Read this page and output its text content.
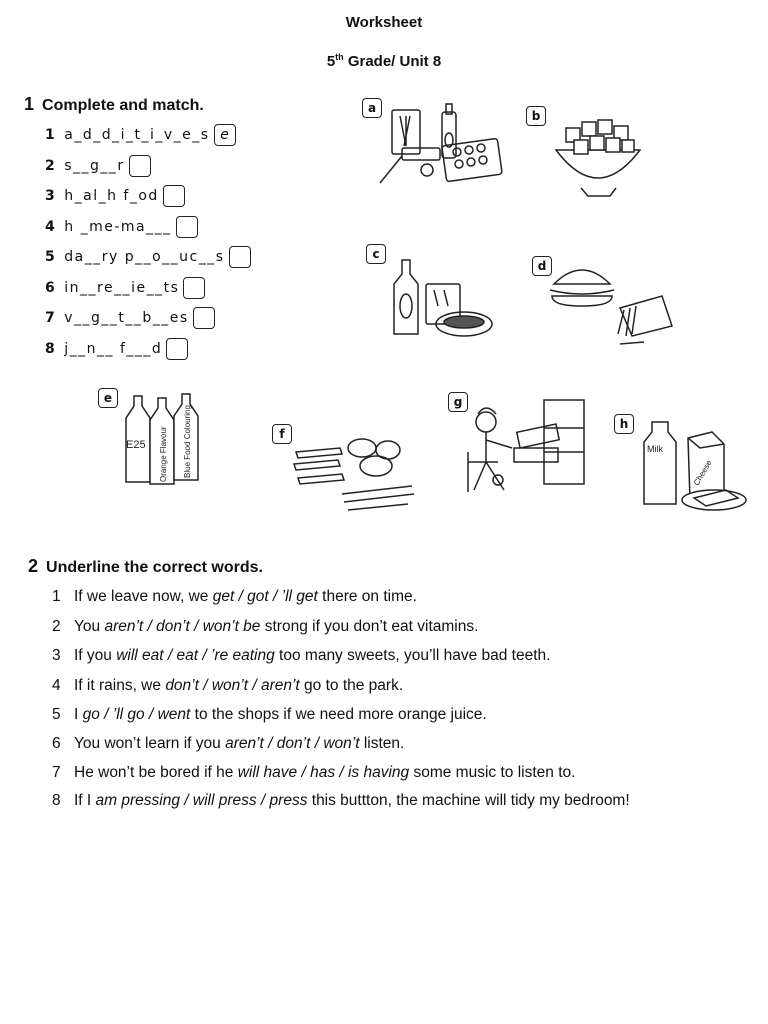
Worksheet
5th Grade/ Unit 8
1 Complete and match.
1 a_d_d_i_t_i_v_e_s e
2 s__g__r
3 h_al_h f_od
4 h _me-ma___
5 da__ry p__o__uc__s
6 in__re__ie__ts
7 v__g__t__b__es
8 j__n__ f___d
a
b
c
d
e
E25 Orange Flavour Blue Food Colouring	f
g
h
Milk
Cheese
2 Underline the correct words.
1 If we leave now, we get / got / ’ll get there on time.
2 You aren’t / don’t / won’t be strong if you don’t eat vitamins.
3 If you will eat / eat / ’re eating too many sweets, you’ll have bad teeth.
4 If it rains, we don’t / won’t / aren’t go to the park.
5 I go / ’ll go / went to the shops if we need more orange juice.
6 You won’t learn if you aren’t / don’t / won’t listen.
7 He won’t be bored if he will have / has / is having some music to listen to.
8 If I am pressing / will press / press this buttton, the machine will tidy my bedroom!
